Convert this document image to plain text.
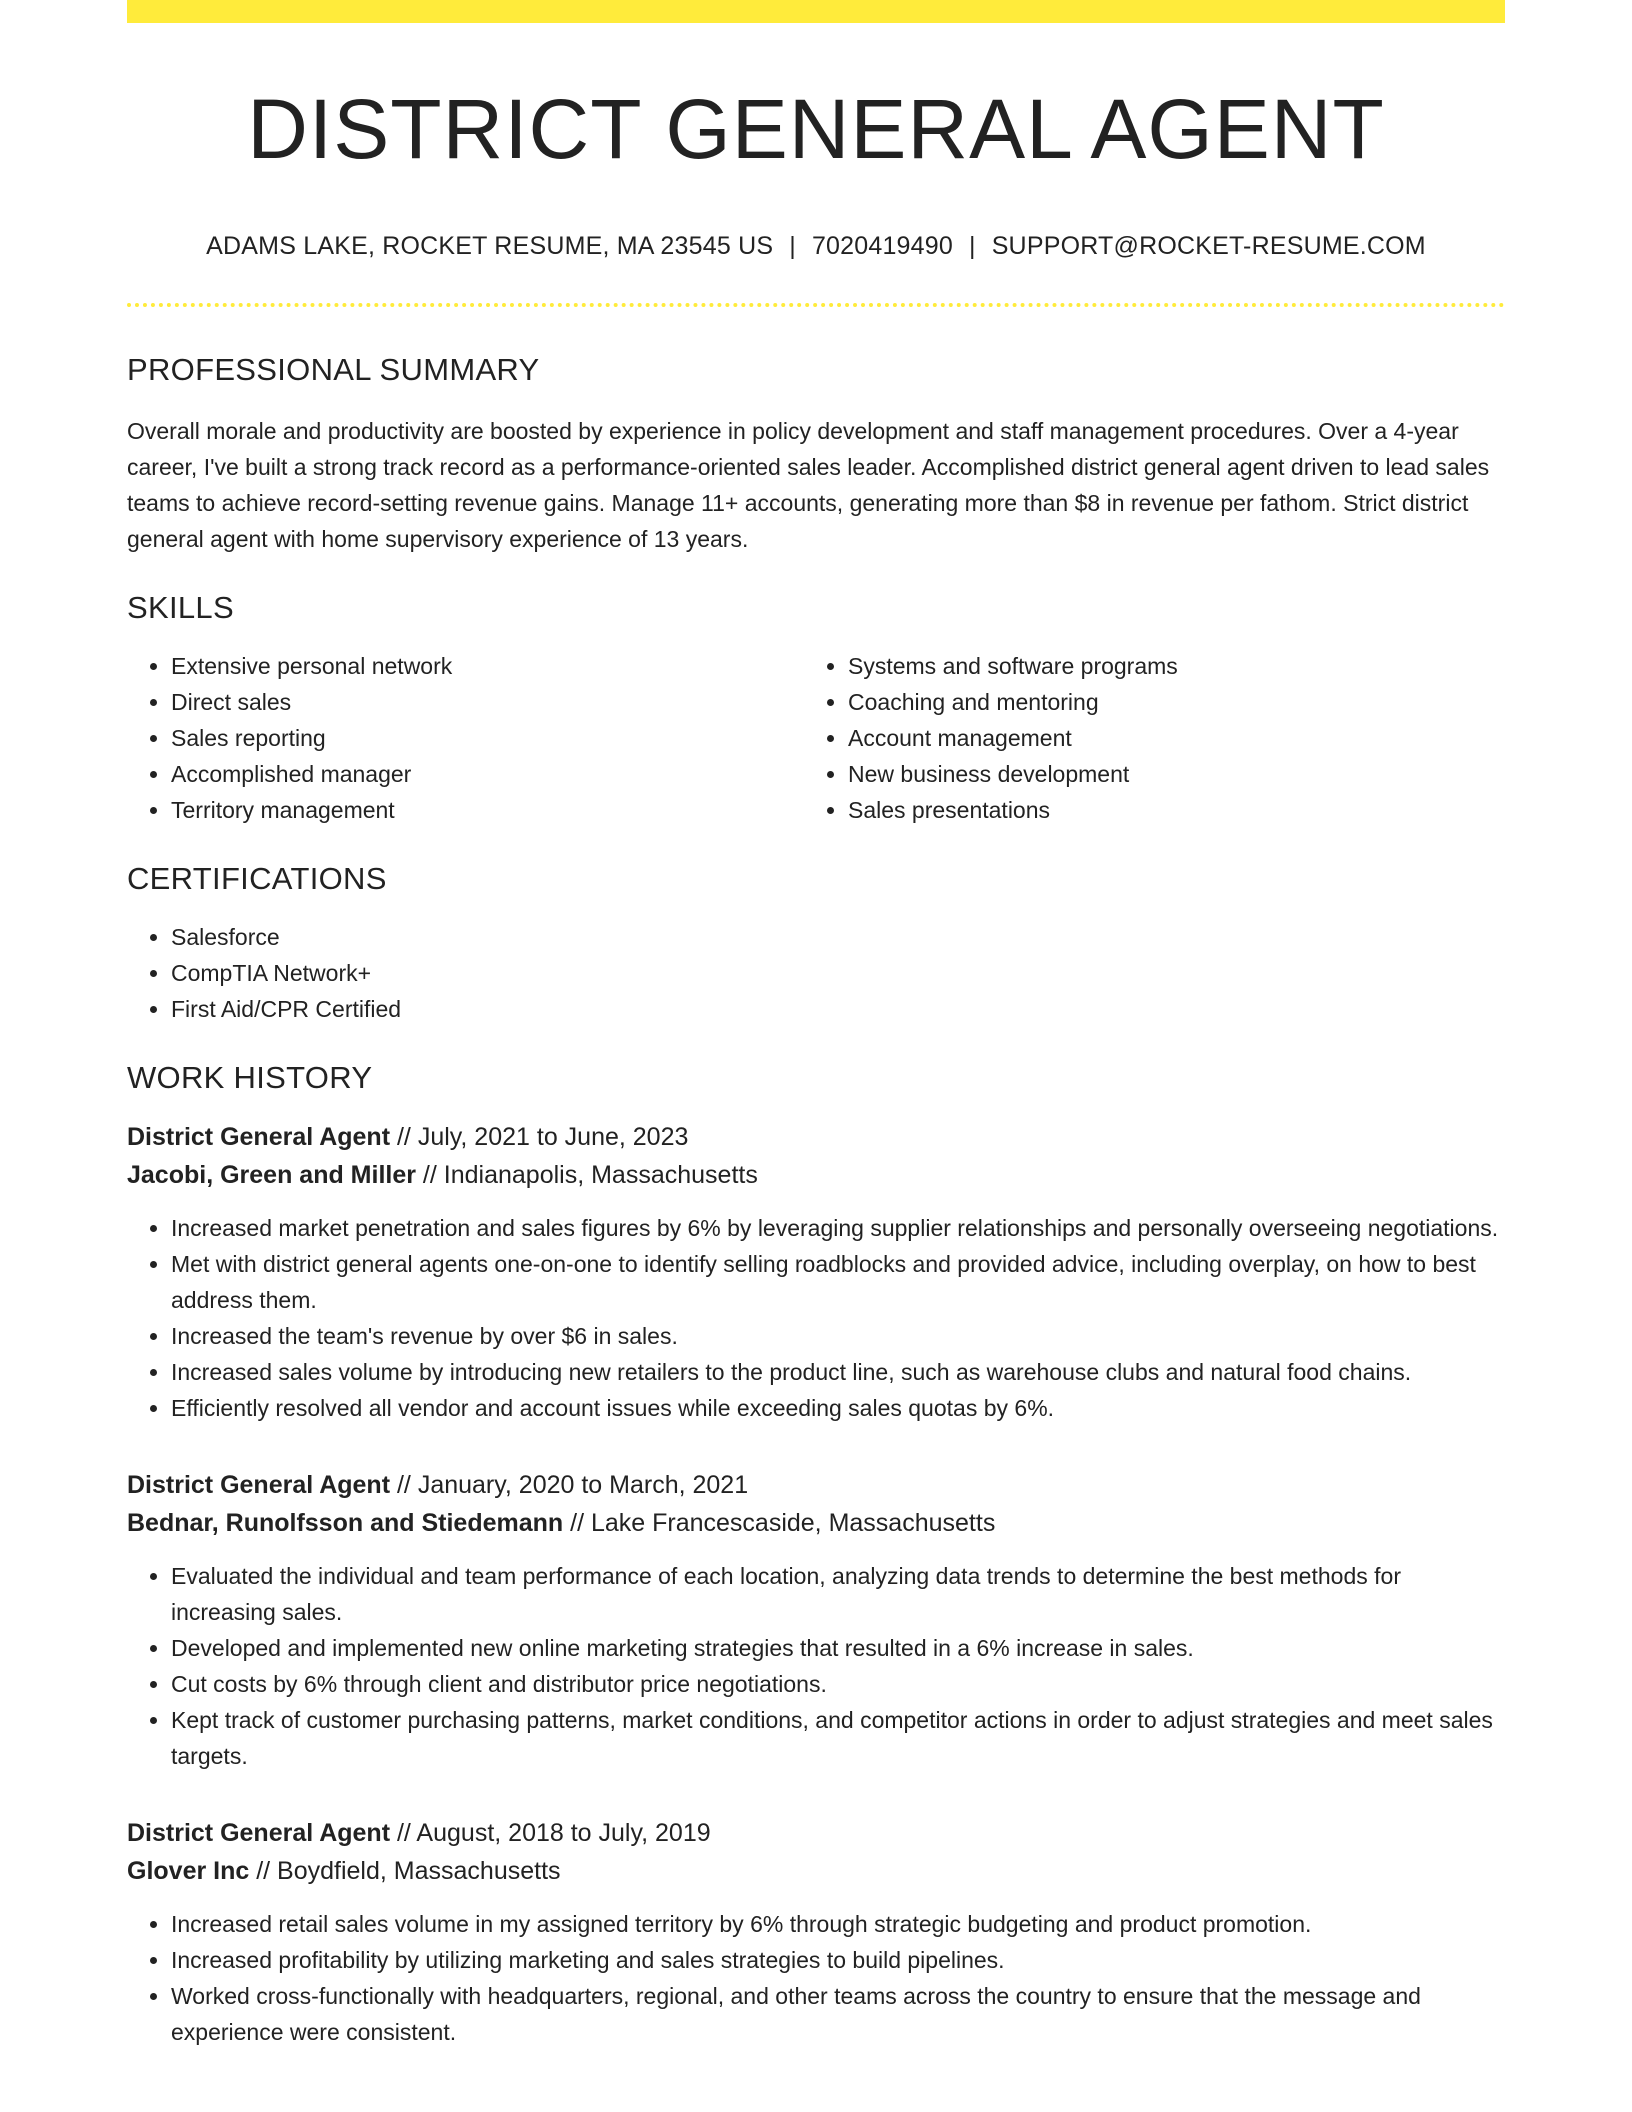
DISTRICT GENERAL AGENT
ADAMS LAKE, ROCKET RESUME, MA 23545 US | 7020419490 | SUPPORT@ROCKET-RESUME.COM
PROFESSIONAL SUMMARY

Overall morale and productivity are boosted by experience in policy development and staff management procedures. Over a 4-year career, I've built a strong track record as a performance-oriented sales leader. Accomplished district general agent driven to lead sales teams to achieve record-setting revenue gains. Manage 11+ accounts, generating more than $8 in revenue per fathom. Strict district general agent with home supervisory experience of 13 years.

SKILLS
• Extensive personal network
• Direct sales
• Sales reporting
• Accomplished manager
• Territory management
• Systems and software programs
• Coaching and mentoring
• Account management
• New business development
• Sales presentations
CERTIFICATIONS
• Salesforce
• CompTIA Network+
• First Aid/CPR Certified
WORK HISTORY
District General Agent // July, 2021 to June, 2023
Jacobi, Green and Miller // Indianapolis, Massachusetts
• Increased market penetration and sales figures by 6% by leveraging supplier relationships and personally overseeing negotiations.
• Met with district general agents one-on-one to identify selling roadblocks and provided advice, including overplay, on how to best address them.
• Increased the team's revenue by over $6 in sales.
• Increased sales volume by introducing new retailers to the product line, such as warehouse clubs and natural food chains.
• Efficiently resolved all vendor and account issues while exceeding sales quotas by 6%.
District General Agent // January, 2020 to March, 2021
Bednar, Runolfsson and Stiedemann // Lake Francescaside, Massachusetts
• Evaluated the individual and team performance of each location, analyzing data trends to determine the best methods for increasing sales.
• Developed and implemented new online marketing strategies that resulted in a 6% increase in sales.
• Cut costs by 6% through client and distributor price negotiations.
• Kept track of customer purchasing patterns, market conditions, and competitor actions in order to adjust strategies and meet sales targets.
District General Agent // August, 2018 to July, 2019
Glover Inc // Boydfield, Massachusetts
• Increased retail sales volume in my assigned territory by 6% through strategic budgeting and product promotion.
• Increased profitability by utilizing marketing and sales strategies to build pipelines.
• Worked cross-functionally with headquarters, regional, and other teams across the country to ensure that the message and experience were consistent.
